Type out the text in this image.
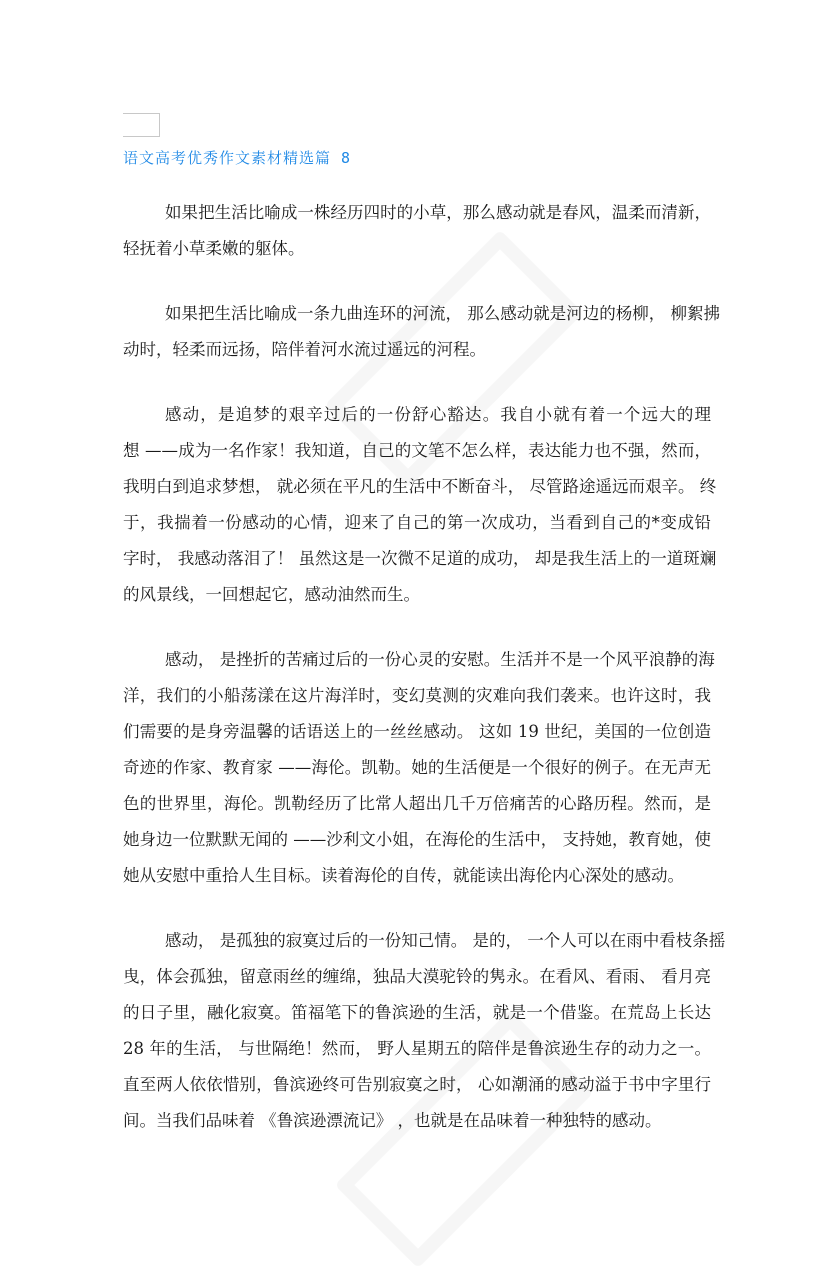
语文高考优秀作文素材精选篇 8
如果把生活比喻成一株经历四时的小草，那么感动就是春风，温柔而清新，
轻抚着小草柔嫩的躯体。
如果把生活比喻成一条九曲连环的河流， 那么感动就是河边的杨柳， 柳絮拂
动时，轻柔而远扬，陪伴着河水流过遥远的河程。
感动，是追梦的艰辛过后的一份舒心豁达。我自小就有着一个远大的理
想 ——成为一名作家！我知道，自己的文笔不怎么样，表达能力也不强，然而，
我明白到追求梦想， 就必须在平凡的生活中不断奋斗， 尽管路途遥远而艰辛。 终
于，我揣着一份感动的心情，迎来了自己的第一次成功，当看到自己的*变成铅
字时， 我感动落泪了！ 虽然这是一次微不足道的成功， 却是我生活上的一道斑斓
的风景线，一回想起它，感动油然而生。
感动， 是挫折的苦痛过后的一份心灵的安慰。生活并不是一个风平浪静的海
洋，我们的小船荡漾在这片海洋时，变幻莫测的灾难向我们袭来。也许这时，我
们需要的是身旁温馨的话语送上的一丝丝感动。 这如 19 世纪，美国的一位创造
奇迹的作家、教育家 ——海伦。凯勒。她的生活便是一个很好的例子。在无声无
色的世界里，海伦。凯勒经历了比常人超出几千万倍痛苦的心路历程。然而，是
她身边一位默默无闻的 ——沙利文小姐，在海伦的生活中， 支持她，教育她，使
她从安慰中重拾人生目标。读着海伦的自传，就能读出海伦内心深处的感动。
感动， 是孤独的寂寞过后的一份知己情。 是的， 一个人可以在雨中看枝条摇
曳，体会孤独，留意雨丝的缠绵，独品大漠驼铃的隽永。在看风、看雨、 看月亮
的日子里，融化寂寞。笛福笔下的鲁滨逊的生活，就是一个借鉴。在荒岛上长达
28 年的生活， 与世隔绝！然而， 野人星期五的陪伴是鲁滨逊生存的动力之一。
直至两人依依惜别，鲁滨逊终可告别寂寞之时， 心如潮涌的感动溢于书中字里行
间。当我们品味着 《鲁滨逊漂流记》 ，也就是在品味着一种独特的感动。
